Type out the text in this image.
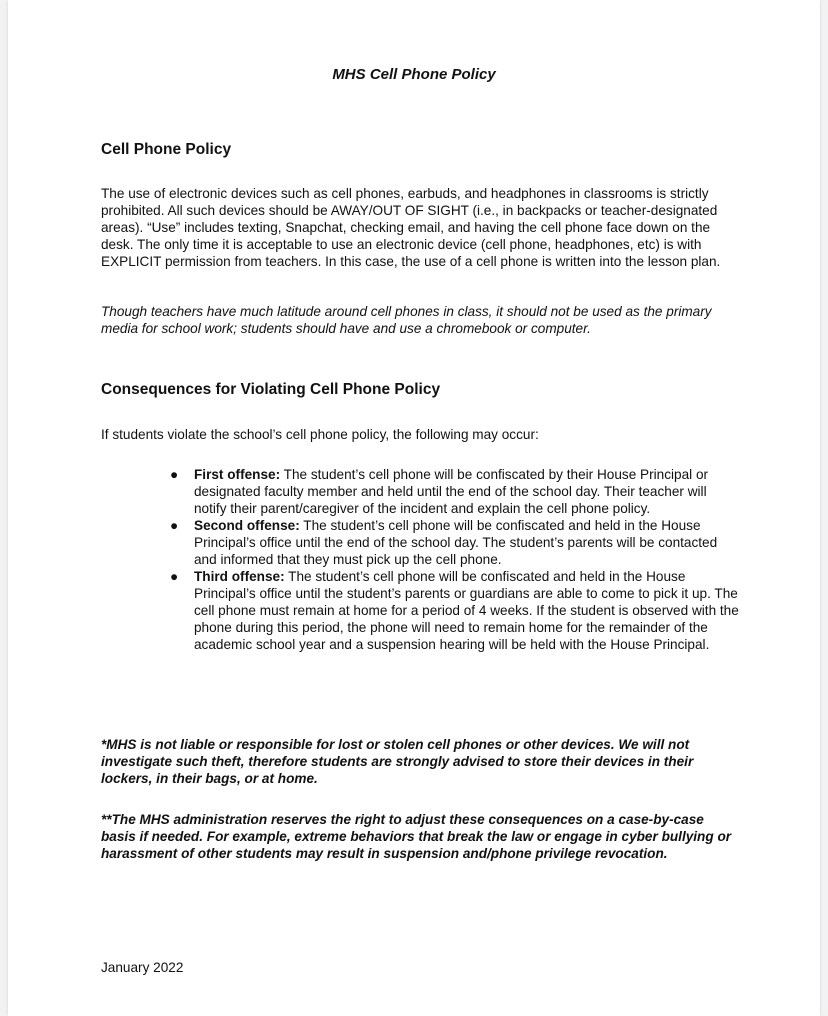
MHS Cell Phone Policy

Cell Phone Policy

The use of electronic devices such as cell phones, earbuds, and headphones in classrooms is strictly prohibited. All such devices should be AWAY/OUT OF SIGHT (i.e., in backpacks or teacher-designated areas). “Use” includes texting, Snapchat, checking email, and having the cell phone face down on the desk. The only time it is acceptable to use an electronic device (cell phone, headphones, etc) is with EXPLICIT permission from teachers. In this case, the use of a cell phone is written into the lesson plan.

Though teachers have much latitude around cell phones in class, it should not be used as the primary media for school work; students should have and use a chromebook or computer.

Consequences for Violating Cell Phone Policy

If students violate the school’s cell phone policy, the following may occur:

● First offense: The student’s cell phone will be confiscated by their House Principal or designated faculty member and held until the end of the school day. Their teacher will notify their parent/caregiver of the incident and explain the cell phone policy.
● Second offense: The student’s cell phone will be confiscated and held in the House Principal’s office until the end of the school day. The student’s parents will be contacted and informed that they must pick up the cell phone.
● Third offense: The student’s cell phone will be confiscated and held in the House Principal’s office until the student’s parents or guardians are able to come to pick it up. The cell phone must remain at home for a period of 4 weeks. If the student is observed with the phone during this period, the phone will need to remain home for the remainder of the academic school year and a suspension hearing will be held with the House Principal.

*MHS is not liable or responsible for lost or stolen cell phones or other devices. We will not investigate such theft, therefore students are strongly advised to store their devices in their lockers, in their bags, or at home.

**The MHS administration reserves the right to adjust these consequences on a case-by-case basis if needed. For example, extreme behaviors that break the law or engage in cyber bullying or harassment of other students may result in suspension and/phone privilege revocation.

January 2022
